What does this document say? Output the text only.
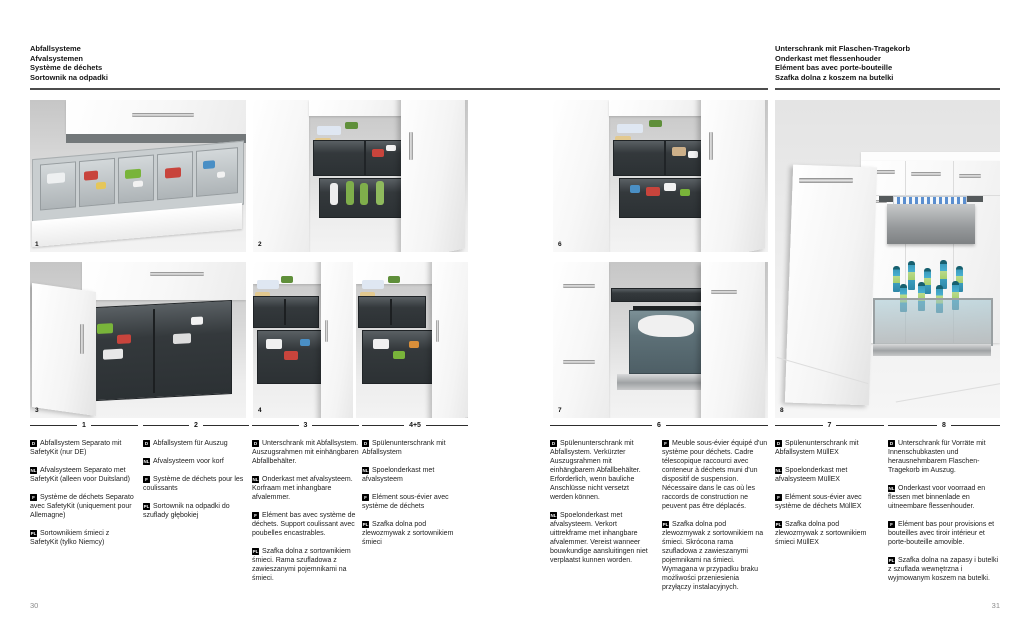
Abfallsysteme
Afvalsystemen
Système de déchets
Sortownik na odpadki
Unterschrank mit Flaschen-Tragekorb
Onderkast met flessenhouder
Elément bas avec porte-bouteille
Szafka dolna z koszem na butelki
1	2	6
8
3	4	7
1

D Abfallsystem Separato mit SafetyKit (nur DE)

NL Afvalsysteem Separato met SafetyKit (alleen voor Duitsland)

F Système de déchets Separato avec SafetyKit (uniquement pour Allemagne)

PL Sortownikiem śmieci z SafetyKit (tylko Niemcy)

2

D Abfallsystem für Auszug

NL Afvalsysteem voor korf

F Système de déchets pour les coulissants

PL Sortownik na odpadki do szuflady głębokiej

3

D Unterschrank mit Abfallsystem. Auszugsrahmen mit einhängbaren Abfallbehälter.

NL Onderkast met afvalsysteem. Korfraam met inhangbare afvalemmer.

F Elément bas avec système de déchets. Support coulissant avec poubelles encastrables.

PL Szafka dolna z sortownikiem śmieci. Rama szufladowa z zawieszanymi pojemnikami na śmieci.

4+5

D Spülenunterschrank mit Abfallsystem

NL Spoelonderkast met afvalsysteem

F Elément sous-évier avec système de déchets

PL Szafka dolna pod zlewozmywak z sortownikiem śmieci

6

D Spülenunterschrank mit Abfallsystem. Verkürzter Auszugsrahmen mit einhängbarem Abfallbehälter. Erforderlich, wenn bauliche Anschlüsse nicht versetzt werden können.

NL Spoelonderkast met afvalsysteem. Verkort uittrekframe met inhangbare afvalemmer. Vereist wanneer bouwkundige aansluitingen niet verplaatst kunnen worden.

F Meuble sous-évier équipé d'un système pour déchets. Cadre télescopique raccourci avec conteneur à déchets muni d'un dispositif de suspension. Nécessaire dans le cas où les raccords de construction ne peuvent pas être déplacés.

PL Szafka dolna pod zlewozmywak z sortownikiem na śmieci. Skrócona rama szufladowa z zawieszanymi pojemnikami na śmieci. Wymagana w przypadku braku możliwości przeniesienia przyłączy instalacyjnych.

7

D Spülenunterschrank mit Abfallsystem MüllEX

NL Spoelonderkast met afvalsysteem MüllEX

F Elément sous-évier avec système de déchets MüllEX

PL Szafka dolna pod zlewozmywak z sortownikiem śmieci MüllEX

8

D Unterschrank für Vorräte mit Innenschubkasten und herausnehmbarem Flaschen-Tragekorb im Auszug.

NL Onderkast voor voorraad en flessen met binnenlade en uitneembare flessenhouder.

F Elément bas pour provisions et bouteilles avec tiroir intérieur et porte-bouteille amovible.

PL Szafka dolna na zapasy i butelki z szuflada wewnętrzna i wyjmowanym koszem na butelki.

30	31
